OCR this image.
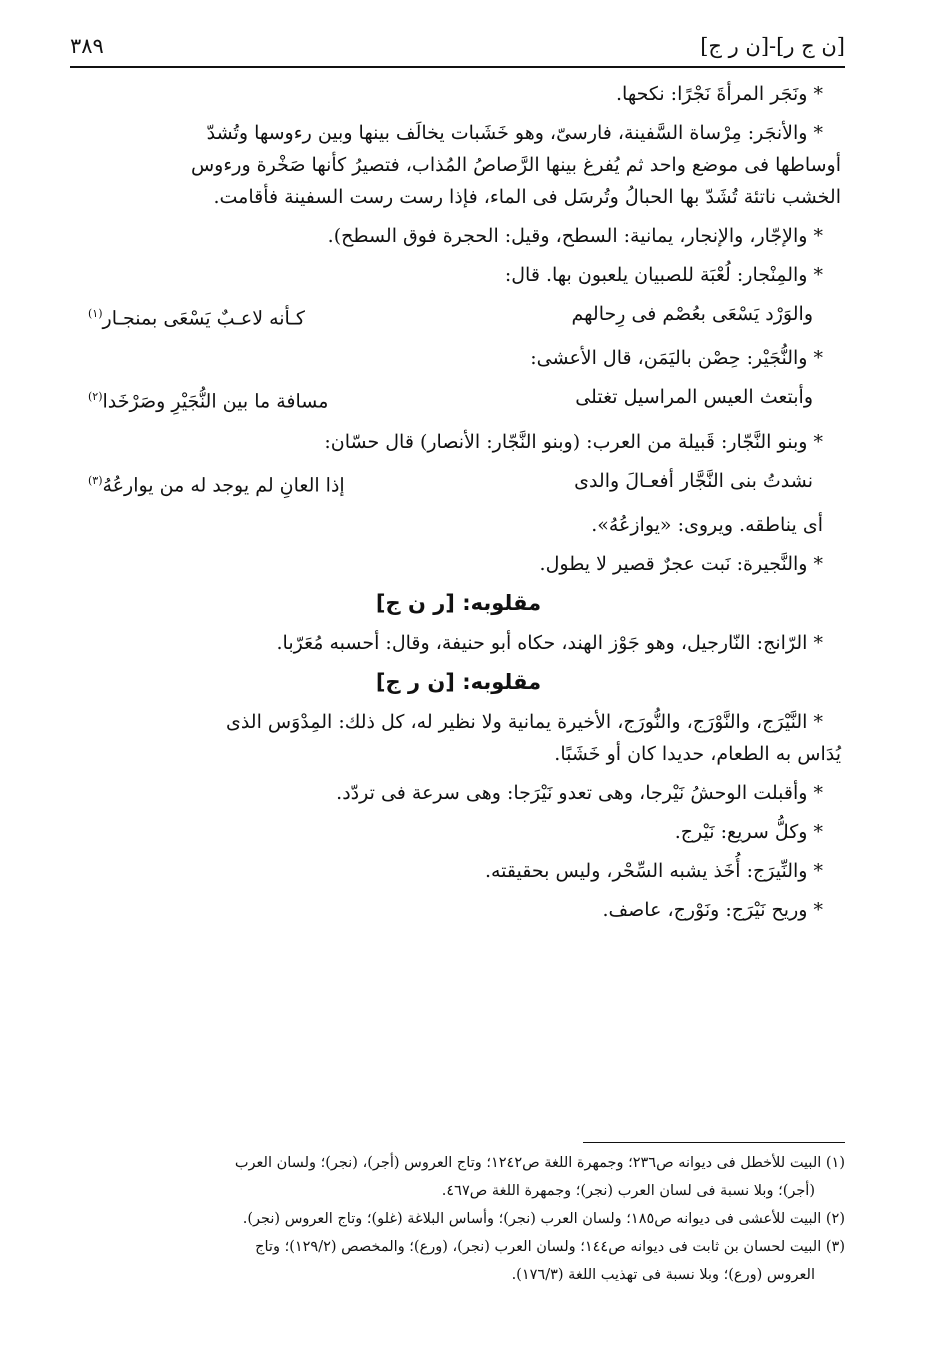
[ن ج ر]-[ن ر ج]
٣٨٩

* ونَجَر المرأةَ نَجْرًا: نكحها.

* والأنجَر: مِرْساة السَّفينة، فارسىّ، وهو خَشَبات يخالَف بينها وبين رءوسها وتُشدّ

أوساطها فى موضع واحد ثم يُفرغ بينها الرَّصاصُ المُذاب، فتصيرُ كأنها صَخْرة ورءوس

الخشب ناتئة تُشَدّ بها الحبالُ وتُرسَل فى الماء، فإذا رست رست السفينة فأقامت.

* والإجّار، والإنجار، يمانية: السطح، وقيل: الحجرة فوق السطح).

* والمِنْجار: لُعْبَة للصبيان يلعبون بها. قال:

والوَرْد يَسْعَى بعُصْم فى رِحالهم
كـأنه لاعـبٌ يَسْعَى بمنجـار$^{(١)}$

* والنُّجَيْر: حِصْن باليَمَن، قال الأعشى:

وأبتعث العيس المراسيل تغتلى
مسافة ما بين النُّجَيْرِ وصَرْخَدا$^{(٢)}$

* وبنو النَّجّار: قَبيلة من العرب: (وبنو النَّجّار: الأنصار) قال حسّان:

نشدتُ بنى النَّجَّار أفعـالَ والدى
إذا العانِ لم يوجد له من يوارعُهُ$^{(٣)}$

أى يناطقه. ويروى: «يوازعُهُ».

* والنَّجيرة: نَبت عجرٌ قصير لا يطول.

مقلوبه: [ر ن ج]

* الرّانج: النّارجيل، وهو جَوْز الهند، حكاه أبو حنيفة، وقال: أحسبه مُعَرّبا.

مقلوبه: [ن ر ج]

* النَّيْرَج، والنَّوْرَج، والنُّورَج، الأخيرة يمانية ولا نظير له، كل ذلك: المِدْوَس الذى

يُدَاس به الطعام، حديدا كان أو خَشَبًا.

* وأقبلت الوحشُ نَيْرجا، وهى تعدو نَيْرَجا: وهى سرعة فى تردّد.

* وكلُّ سريع: نَيْرج.

* والنِّيرَج: أُخَذ يشبه السِّحْر، وليس بحقيقته.

* وريح نَيْرَج: ونَوْرج، عاصف.

(١) البيت للأخطل فى ديوانه ص٢٣٦؛ وجمهرة اللغة ص١٢٤٢؛ وتاج العروس (أجر)، (نجر)؛ ولسان العرب

(أجر)؛ وبلا نسبة فى لسان العرب (نجر)؛ وجمهرة اللغة ص٤٦٧.

(٢) البيت للأعشى فى ديوانه ص١٨٥؛ ولسان العرب (نجر)؛ وأساس البلاغة (غلو)؛ وتاج العروس (نجر).

(٣) البيت لحسان بن ثابت فى ديوانه ص١٤٤؛ ولسان العرب (نجر)، (ورع)؛ والمخصص (١٢٩/٢)؛ وتاج

العروس (ورع)؛ وبلا نسبة فى تهذيب اللغة (١٧٦/٣).
